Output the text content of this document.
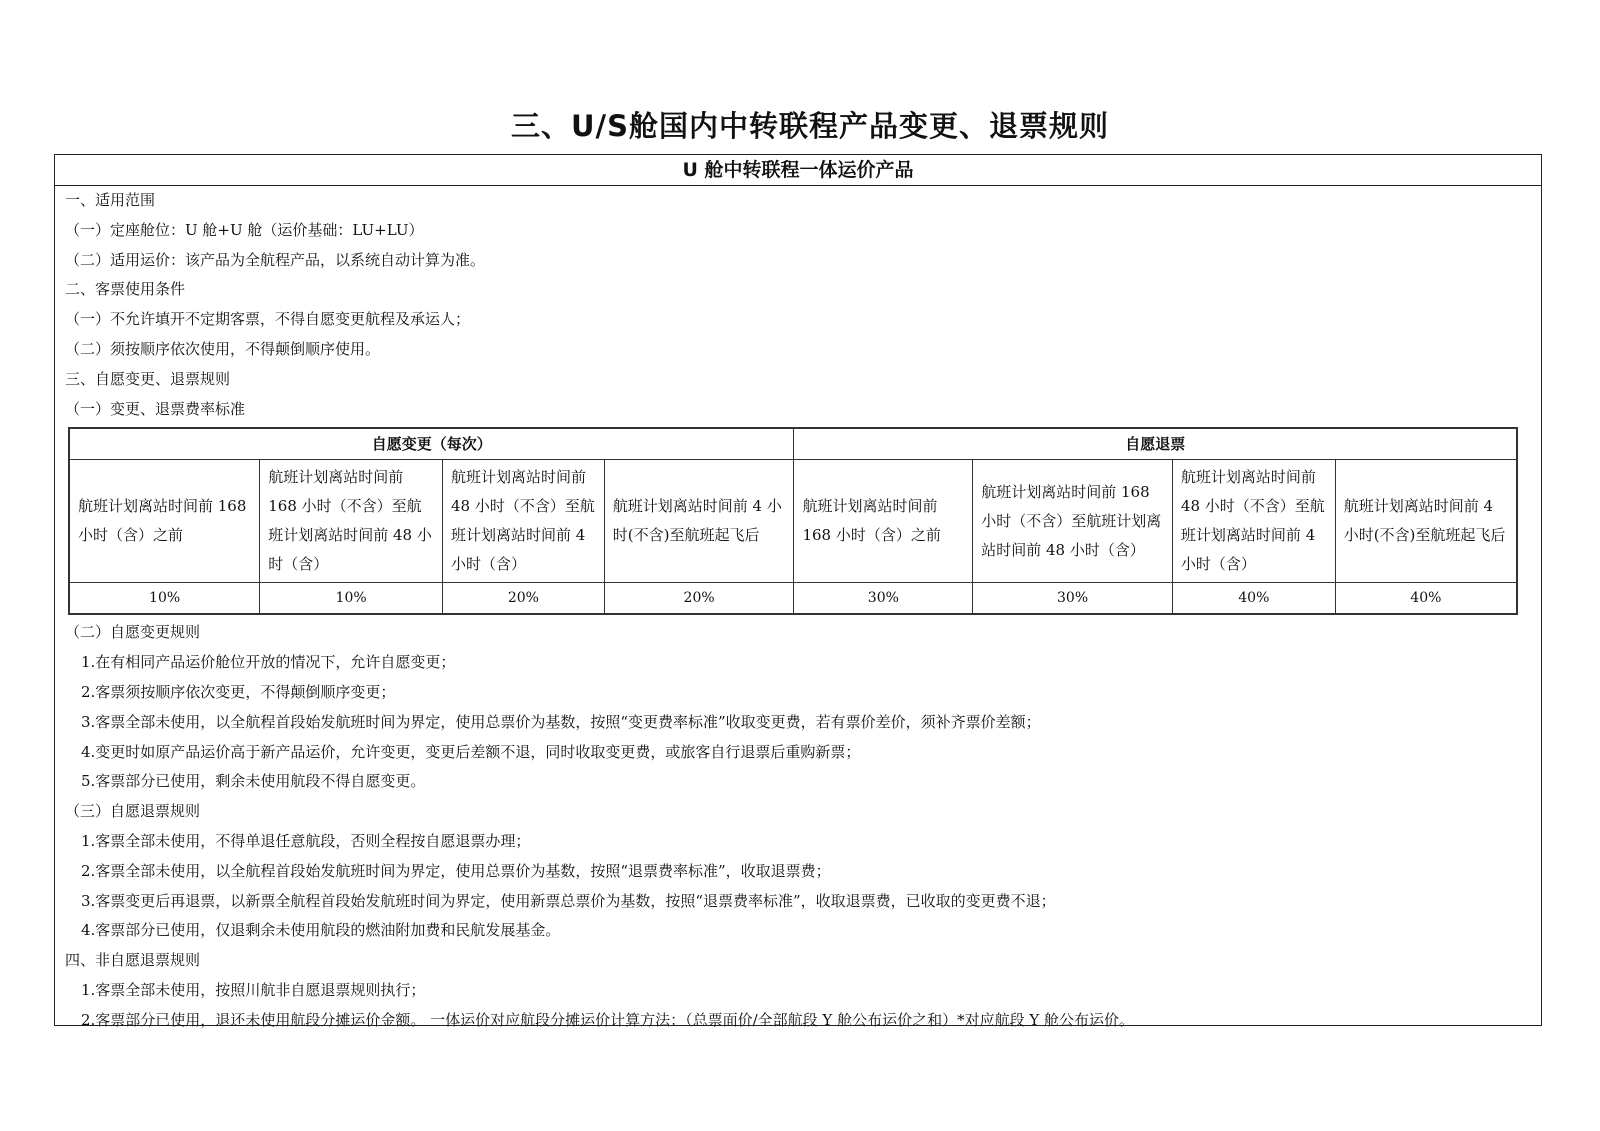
三、U/S舱国内中转联程产品变更、退票规则
U 舱中转联程一体运价产品
一、适用范围
（一）定座舱位：U 舱+U 舱（运价基础：LU+LU）
（二）适用运价：该产品为全航程产品，以系统自动计算为准。
二、客票使用条件
（一）不允许填开不定期客票，不得自愿变更航程及承运人；
（二）须按顺序依次使用，不得颠倒顺序使用。
三、自愿变更、退票规则
（一）变更、退票费率标准
自愿变更（每次）				自愿退票			
航班计划离站时间前 168 小时（含）之前	航班计划离站时间前 168 小时（不含）至航班计划离站时间前 48 小时（含）	航班计划离站时间前 48 小时（不含）至航班计划离站时间前 4 小时（含）	航班计划离站时间前 4 小时(不含)至航班起飞后	航班计划离站时间前 168 小时（含）之前	航班计划离站时间前 168 小时（不含）至航班计划离站时间前 48 小时（含）	航班计划离站时间前 48 小时（不含）至航班计划离站时间前 4 小时（含）	航班计划离站时间前 4 小时(不含)至航班起飞后
10%	10%	20%	20%	30%	30%	40%	40%
（二）自愿变更规则
1.在有相同产品运价舱位开放的情况下，允许自愿变更；
2.客票须按顺序依次变更，不得颠倒顺序变更；
3.客票全部未使用，以全航程首段始发航班时间为界定，使用总票价为基数，按照“变更费率标准”收取变更费，若有票价差价，须补齐票价差额；
4.变更时如原产品运价高于新产品运价，允许变更，变更后差额不退，同时收取变更费，或旅客自行退票后重购新票；
5.客票部分已使用，剩余未使用航段不得自愿变更。
（三）自愿退票规则
1.客票全部未使用，不得单退任意航段，否则全程按自愿退票办理；
2.客票全部未使用，以全航程首段始发航班时间为界定，使用总票价为基数，按照“退票费率标准”，收取退票费；
3.客票变更后再退票，以新票全航程首段始发航班时间为界定，使用新票总票价为基数，按照“退票费率标准”，收取退票费，已收取的变更费不退；
4.客票部分已使用，仅退剩余未使用航段的燃油附加费和民航发展基金。
四、非自愿退票规则
1.客票全部未使用，按照川航非自愿退票规则执行；
2.客票部分已使用，退还未使用航段分摊运价金额。 一体运价对应航段分摊运价计算方法：（总票面价/全部航段 Y 舱公布运价之和）*对应航段 Y 舱公布运价。
